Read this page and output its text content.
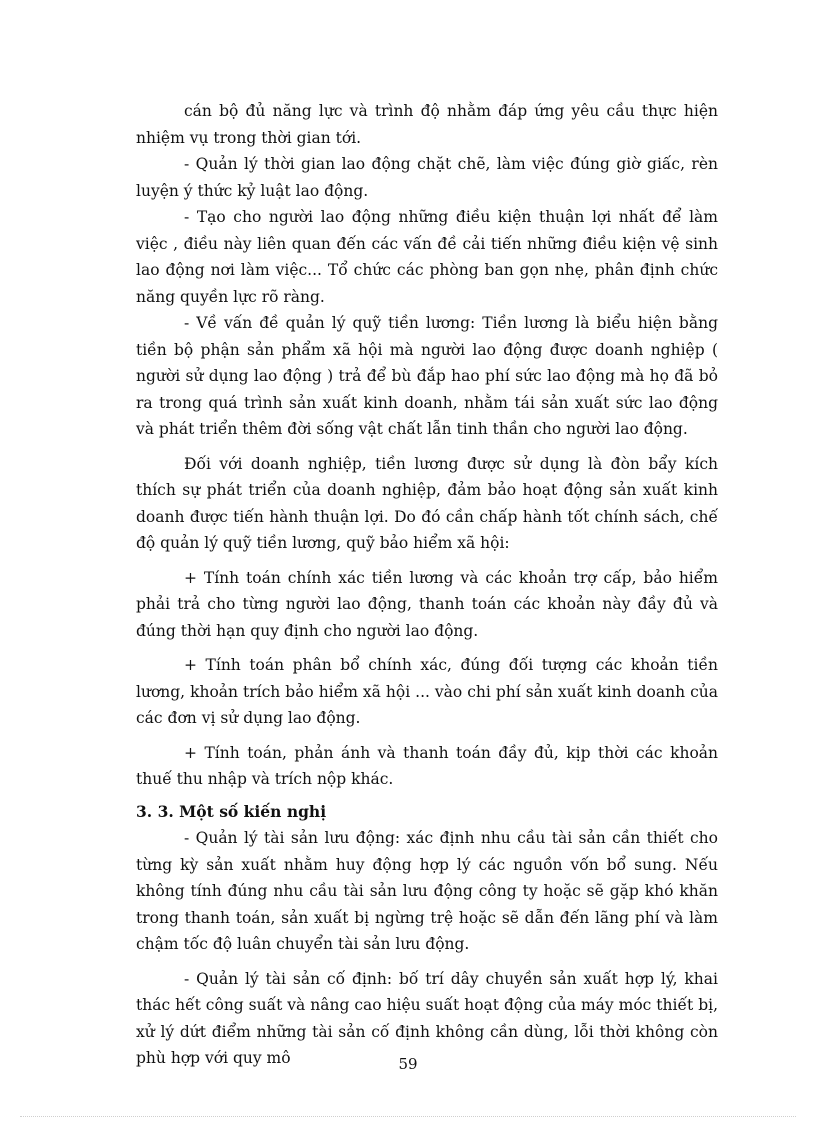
cán bộ đủ năng lực và trình độ nhằm đáp ứng yêu cầu thực hiện nhiệm vụ trong thời gian tới.

- Quản lý thời gian lao động chặt chẽ, làm việc đúng giờ giấc, rèn luyện ý thức kỷ luật lao động.

- Tạo cho người lao động những điều kiện thuận lợi nhất để làm việc , điều này liên quan đến các vấn đề cải tiến những điều kiện vệ sinh lao động nơi làm việc... Tổ chức các phòng ban gọn nhẹ, phân định chức năng quyền lực rõ ràng.

- Về vấn đề quản lý quỹ tiền lương: Tiền lương là biểu hiện bằng tiền bộ phận sản phẩm xã hội mà người lao động được doanh nghiệp ( người sử dụng lao động ) trả để bù đắp hao phí sức lao động mà họ đã bỏ ra trong quá trình sản xuất kinh doanh, nhằm tái sản xuất sức lao động và phát triển thêm đời sống vật chất lẫn tinh thần cho người lao động.

Đối với doanh nghiệp, tiền lương được sử dụng là đòn bẩy kích thích sự phát triển của doanh nghiệp, đảm bảo hoạt động sản xuất kinh doanh được tiến hành thuận lợi. Do đó cần chấp hành tốt chính sách, chế độ quản lý quỹ tiền lương, quỹ bảo hiểm xã hội:

+ Tính toán chính xác tiền lương và các khoản trợ cấp, bảo hiểm phải trả cho từng người lao động, thanh toán các khoản này đầy đủ và đúng thời hạn quy định cho người lao động.

+ Tính toán phân bổ chính xác, đúng đối tượng các khoản tiền lương, khoản trích bảo hiểm xã hội ... vào chi phí sản xuất kinh doanh của các đơn vị sử dụng lao động.

+ Tính toán, phản ánh và thanh toán đầy đủ, kịp thời các khoản thuế thu nhập và trích nộp khác.

3. 3. Một số kiến nghị

- Quản lý tài sản lưu động: xác định nhu cầu tài sản cần thiết cho từng kỳ sản xuất nhằm huy động hợp lý các nguồn vốn bổ sung. Nếu không tính đúng nhu cầu tài sản lưu động công ty hoặc sẽ gặp khó khăn trong thanh toán, sản xuất bị ngừng trệ hoặc sẽ dẫn đến lãng phí và làm chậm tốc độ luân chuyển tài sản lưu động.

- Quản lý tài sản cố định: bố trí dây chuyền sản xuất hợp lý, khai thác hết công suất và nâng cao hiệu suất hoạt động của máy móc thiết bị, xử lý dứt điểm những tài sản cố định không cần dùng, lỗi thời không còn phù hợp với quy mô	59
